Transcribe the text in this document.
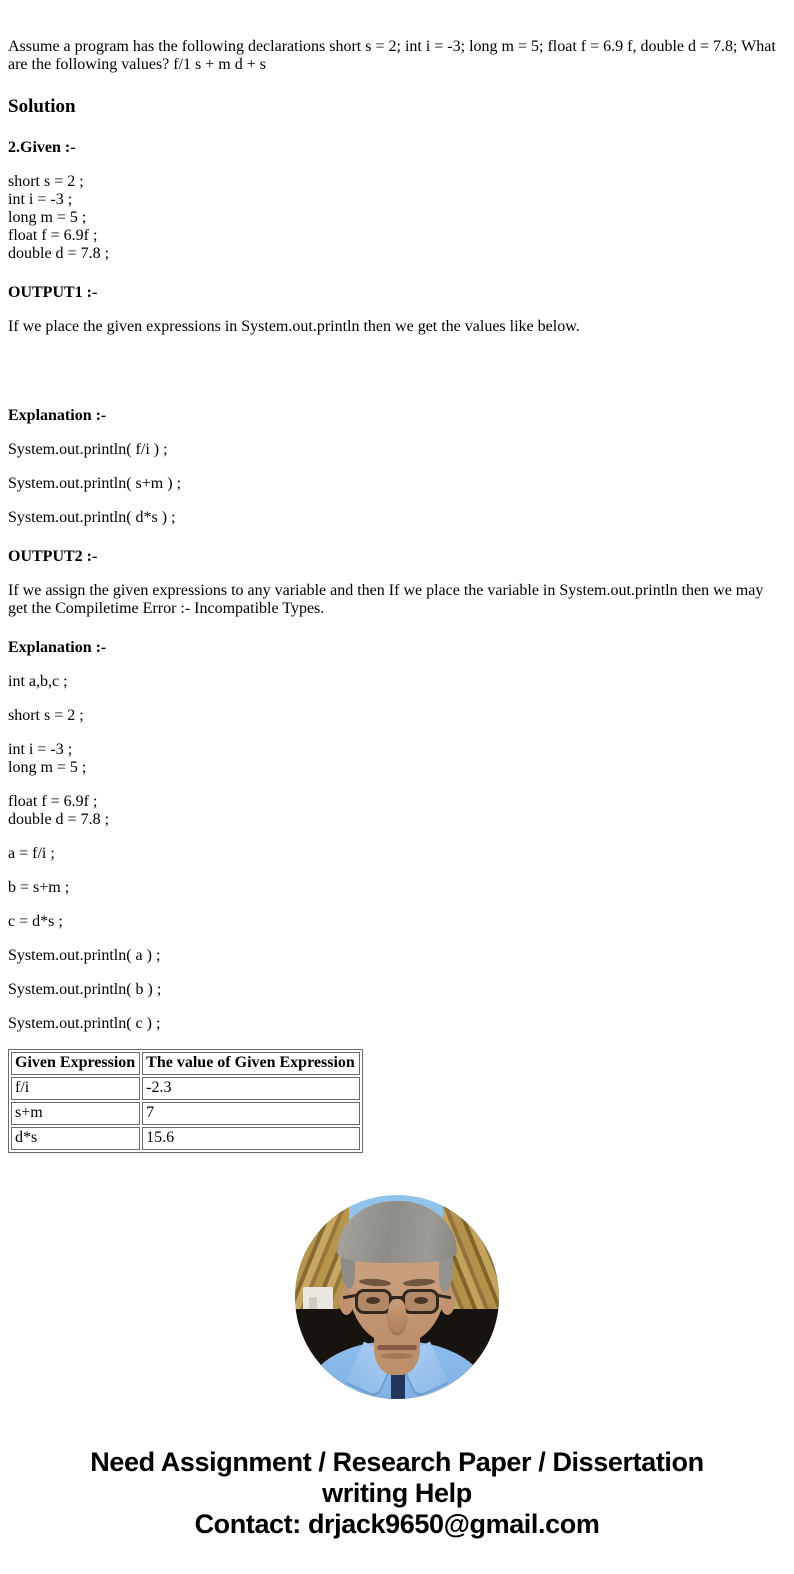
Assume a program has the following declarations short s = 2; int i = -3; long m = 5; float f = 6.9 f, double d = 7.8; What are the following values? f/1 s + m d + s

Solution
2.Given :-
short s = 2 ;
int i = -3 ;
long m = 5 ;
float f = 6.9f ;
double d = 7.8 ;
OUTPUT1 :-

If we place the given expressions in System.out.println then we get the values like below.

Explanation :-

System.out.println( f/i ) ;

System.out.println( s+m ) ;

System.out.println( d*s ) ;

OUTPUT2 :-

If we assign the given expressions to any variable and then If we place the variable in System.out.println then we may get the Compiletime Error :- Incompatible Types.

Explanation :-

int a,b,c ;

short s = 2 ;

int i = -3 ;
long m = 5 ;
float f = 6.9f ;
double d = 7.8 ;

a = f/i ;

b = s+m ;

c = d*s ;

System.out.println( a ) ;

System.out.println( b ) ;

System.out.println( c ) ;

Given Expression	The value of Given Expression
f/i	-2.3
s+m	7
d*s	15.6
Need Assignment / Research Paper / Dissertation
writing Help
Contact: drjack9650@gmail.com
